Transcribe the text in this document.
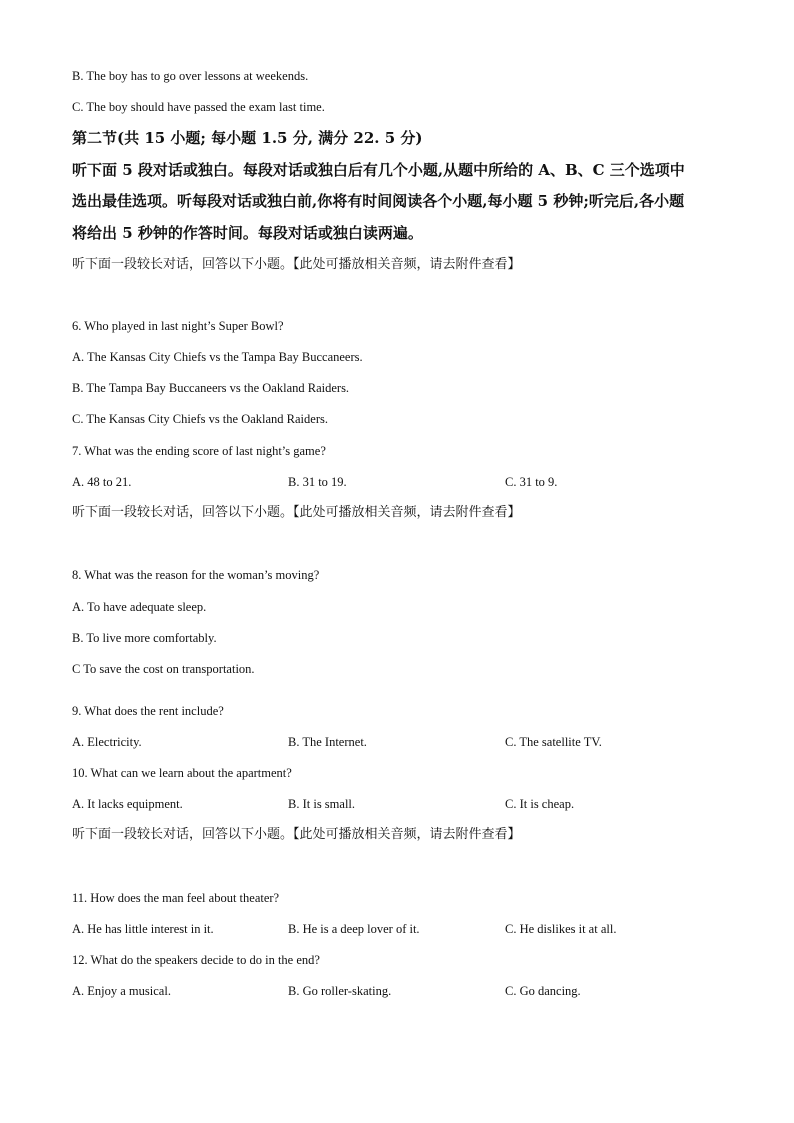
B. The boy has to go over lessons at weekends.
C. The boy should have passed the exam last time.
第二节(共 15 小题; 每小题 1.5 分, 满分 22. 5 分)
听下面 5 段对话或独白。每段对话或独白后有几个小题,从题中所给的 A、B、C 三个选项中
选出最佳选项。听每段对话或独白前,你将有时间阅读各个小题,每小题 5 秒钟;听完后,各小题
将给出 5 秒钟的作答时间。每段对话或独白读两遍。
听下面一段较长对话，回答以下小题。【此处可播放相关音频，请去附件查看】
6. Who played in last night’s Super Bowl?
A. The Kansas City Chiefs vs the Tampa Bay Buccaneers.
B. The Tampa Bay Buccaneers vs the Oakland Raiders.
C. The Kansas City Chiefs vs the Oakland Raiders.
7. What was the ending score of last night’s game?
A. 48 to 21.	B. 31 to 19.	C. 31 to 9.
听下面一段较长对话，回答以下小题。【此处可播放相关音频，请去附件查看】
8. What was the reason for the woman’s moving?
A. To have adequate sleep.
B. To live more comfortably.
C To save the cost on transportation.
9. What does the rent include?
A. Electricity.	B. The Internet.	C. The satellite TV.
10. What can we learn about the apartment?
A. It lacks equipment.	B. It is small.	C. It is cheap.
听下面一段较长对话，回答以下小题。【此处可播放相关音频，请去附件查看】
11. How does the man feel about theater?
A. He has little interest in it.	B. He is a deep lover of it.	C. He dislikes it at all.
12. What do the speakers decide to do in the end?
A. Enjoy a musical.	B. Go roller-skating.	C. Go dancing.
